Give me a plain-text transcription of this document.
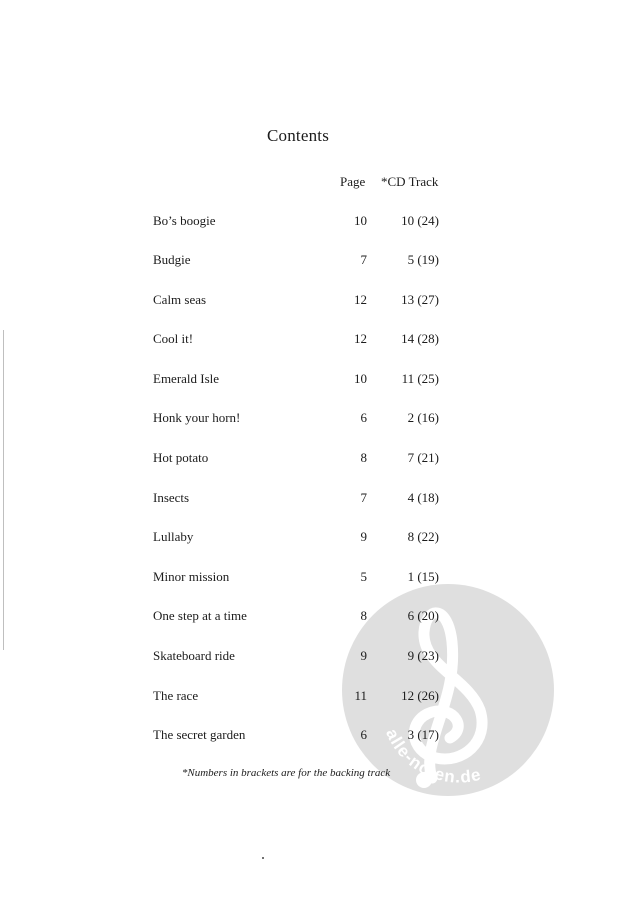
alle-noten.de
Contents
Page *CD Track
Bo’s boogie	10	10 (24)
Budgie	7	5 (19)
Calm seas	12	13 (27)
Cool it!	12	14 (28)
Emerald Isle	10	11 (25)
Honk your horn!	6	2 (16)
Hot potato	8	7 (21)
Insects	7	4 (18)
Lullaby	9	8 (22)
Minor mission	5	1 (15)
One step at a time	8	6 (20)
Skateboard ride	9	9 (23)
The race	11	12 (26)
The secret garden	6	3 (17)
*Numbers in brackets are for the backing track
